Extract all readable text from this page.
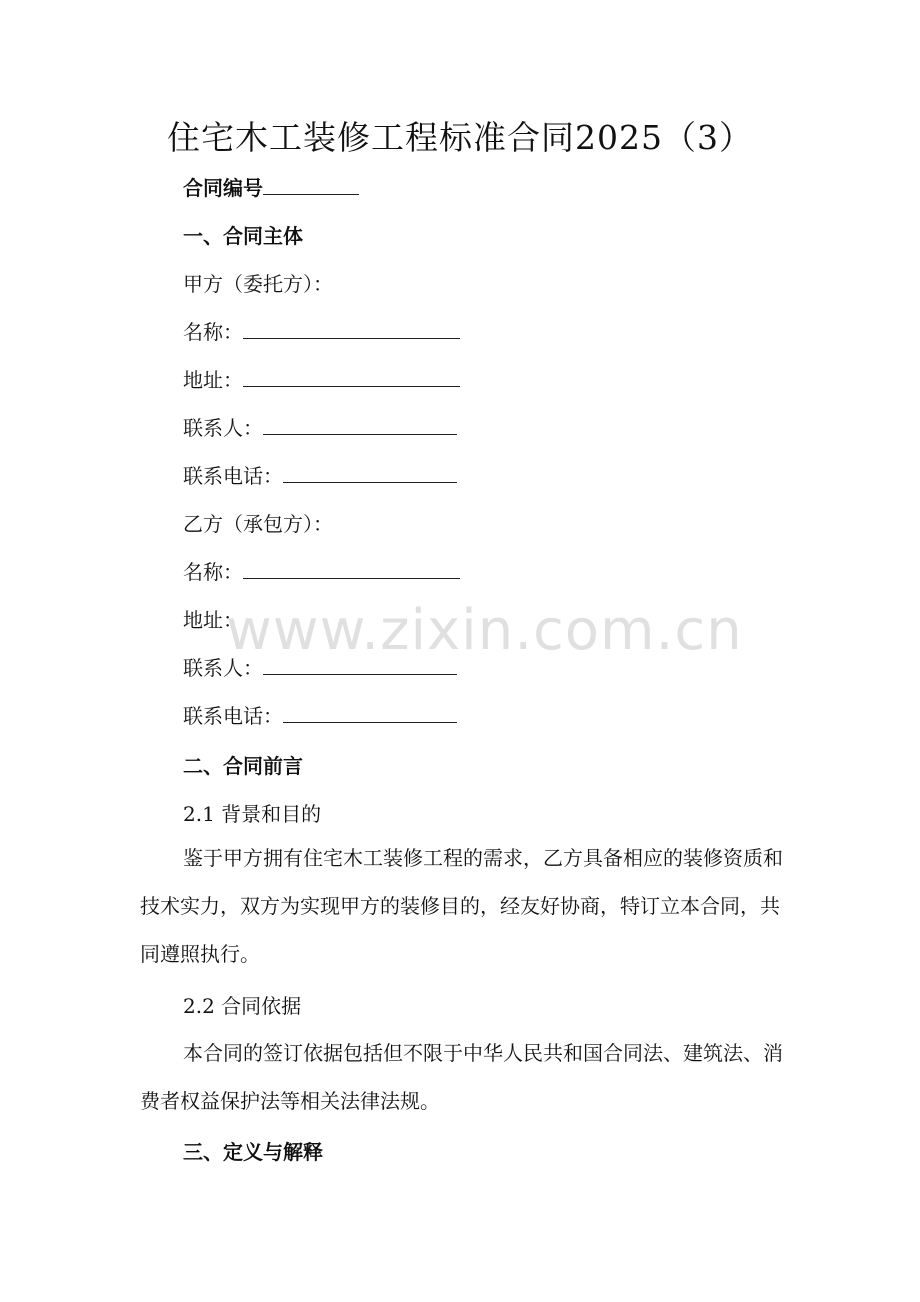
住宅木工装修工程标准合同2025（3）
合同编号
一、合同主体
甲方（委托方）：
名称：
地址：
联系人：
联系电话：
乙方（承包方）：
名称：
地址：
联系人：
联系电话：
二、合同前言
2.1 背景和目的
鉴于甲方拥有住宅木工装修工程的需求，乙方具备相应的装修资质和技术实力，双方为实现甲方的装修目的，经友好协商，特订立本合同，共同遵照执行。
2.2 合同依据
本合同的签订依据包括但不限于中华人民共和国合同法、建筑法、消费者权益保护法等相关法律法规。
三、定义与解释
www.zixin.com.cn
